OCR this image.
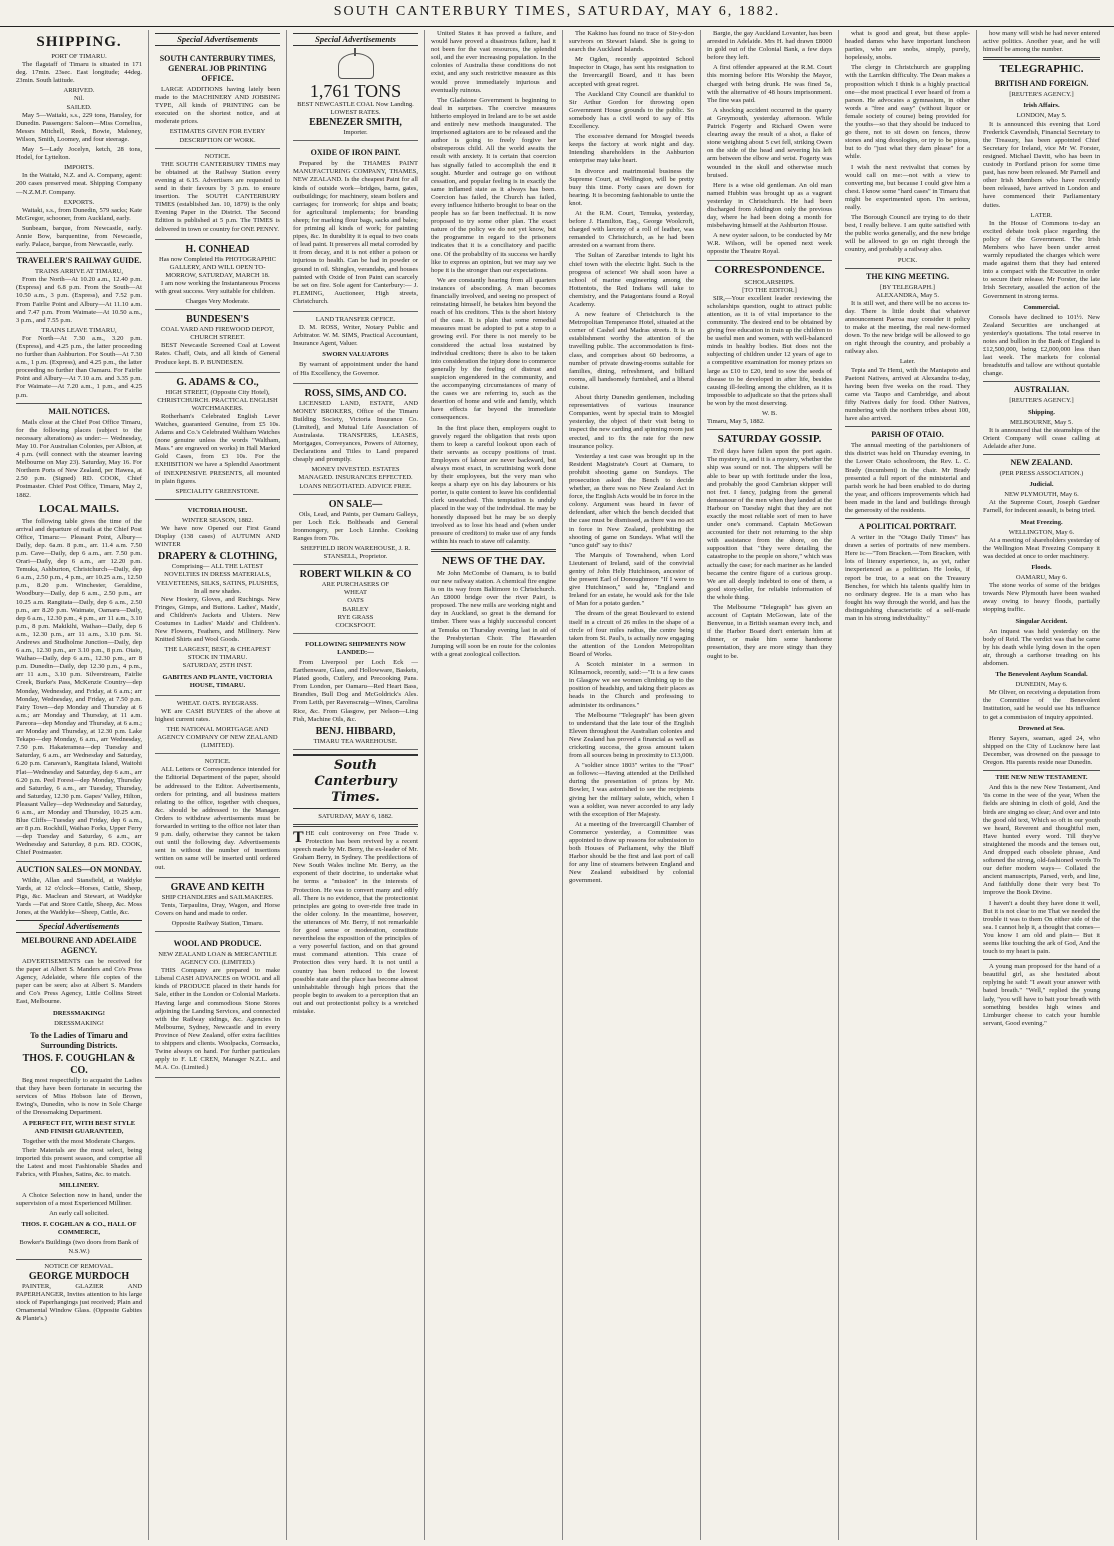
SOUTH CANTERBURY TIMES, SATURDAY, MAY 6, 1882.
SHIPPING.
PORT OF TIMARU.

The flagstaff of Timaru is situated in 171 deg. 17min. 23sec. East longitude; 44deg. 23min. South latitude.

ARRIVED.
Nil.
SAILED.

May 5—Waitaki, s.s., 229 tons, Hansley, for Dunedin. Passengers: Saloon—Miss Cornelius, Messrs Mitchell, Reek, Bowie, Maloney, Wilson, Smith, Loomey, and four steerage.

May 5—Lady Jocelyn, ketch, 28 tons, Hodel, for Lyttelton.

IMPORTS.

In the Waitaki, N.Z. and A. Company, agent: 200 cases preserved meat. Shipping Company—N.Z.M.F. Company.

EXPORTS.

Waitaki, s.s., from Dunedin, 579 sacks; Kate McGregor, schooner, from Auckland, early.

Sunbeam, barque, from Newcastle, early. Annie Bow, barquentine, from Newcastle, early. Palace, barque, from Newcastle, early.

TRAVELLER'S RAILWAY GUIDE.
TRAINS ARRIVE AT TIMARU,

From the North—At 10.20 a.m., 12.40 p.m. (Express) and 6.8 p.m. From the South—At 10.50 a.m., 3 p.m. (Express), and 7.52 p.m. From Fairlie Point and Albury—At 11.10 a.m. and 7.47 p.m. From Waimate—At 10.50 a.m., 3 p.m., and 7.55 p.m.

TRAINS LEAVE TIMARU,

For North—At 7.30 a.m., 3.20 p.m. (Express), and 4.25 p.m., the latter proceeding no further than Ashburton. For South—At 7.30 a.m., 1 p.m. (Express), and 4.25 p.m., the latter proceeding no further than Oamaru. For Fairlie Point and Albury—At 7.10 a.m. and 3.35 p.m. For Waimate—At 7.20 a.m., 1 p.m., and 4.25 p.m.

MAIL NOTICES.

Mails close at the Chief Post Office Timaru, for the following places (subject to the necessary alterations) as under:— Wednesday, May 10. For Australian Colonies, per Albion, at 4 p.m. (will connect with the steamer leaving Melbourne on May 23). Saturday, May 16. For Northern Ports of New Zealand, per Hawea, at 2.50 p.m. (Signed) RD. COOK, Chief Postmaster. Chief Post Office, Timaru, May 2, 1882.

LOCAL MAILS.

The following table gives the time of the arrival and departure of mails at the Chief Post Office, Timaru:— Pleasant Point, Albury—Daily, dep. 6a.m. 8 p.m., arr. 11.4 a.m. 7.50 p.m. Cave—Daily, dep 6 a.m., arr. 7.50 p.m. Orari—Daily, dep 6 a.m., arr 12.20 p.m. Temuka, Ashburton, Christchurch—Daily, dep 6 a.m., 2.50 p.m., 4 p.m., arr 10.25 a.m., 12.50 p.m., 8.20 p.m. Winchester, Geraldine, Woodbury—Daily, dep 6 a.m., 2.50 p.m., arr 10.25 a.m. Rangitata—Daily, dep 6 a.m., 2.50 p.m., arr 8.20 p.m. Waimate, Oamaru—Daily, dep 6 a.m., 12.30 p.m., 4 p.m., arr 11 a.m., 3.10 p.m., 8 p.m. Makikihi, Waihao—Daily, dep 6 a.m., 12.30 p.m., arr 11 a.m., 3.10 p.m. St. Andrews and Studholme Junction—Daily, dep 6 a.m., 12.30 p.m., arr 3.10 p.m., 8 p.m. Otaio, Waihao—Daily, dep 6 a.m., 12.30 p.m., arr 8 p.m. Dunedin—Daily, dep 12.30 p.m., 4 p.m., arr 11 a.m., 3.10 p.m. Silverstream, Fairlie Creek, Burke's Pass, McKenzie Country—dep Monday, Wednesday, and Friday, at 6 a.m.; arr Monday, Wednesday, and Friday, at 7.50 p.m. Fairy Town—dep Monday and Thursday at 6 a.m.; arr Monday and Thursday, at 11 a.m. Pareora—dep Monday and Thursday, at 6 a.m.; arr Monday and Thursday, at 12.30 p.m. Lake Tekapo—dep Monday, 6 a.m., arr Wednesday, 7.50 p.m. Hakateramea—dep Tuesday and Saturday, 6 a.m., arr Wednesday and Saturday, 6.20 p.m. Canavan's, Rangitata Island, Waitohi Flat—Wednesday and Saturday, dep 6 a.m., arr 6.20 p.m. Peel Forest—dep Monday, Thursday and Saturday, 6 a.m., arr Tuesday, Thursday, and Saturday, 12.30 p.m. Gapes' Valley, Hilton, Pleasant Valley—dep Wednesday and Saturday, 6 a.m., arr Monday and Thursday, 10.25 a.m. Blue Cliffs—Tuesday and Friday, dep 6 a.m., arr 8 p.m. Rockhill, Waihao Forks, Upper Ferry—dep Tuesday and Saturday, 6 a.m., arr Wednesday and Saturday, 8 p.m. RD. COOK, Chief Postmaster.

AUCTION SALES—ON MONDAY.

Wildie, Allan and Stansfield, at Waddyke Yards, at 12 o'clock—Horses, Cattle, Sheep, Pigs, &c. Maclean and Stewart, at Waddyke Yards —Fat and Store Cattle, Sheep, &c. Moss Jones, at the Waddyke—Sheep, Cattle, &c.

Special Advertisements
MELBOURNE AND ADELAIDE AGENCY.

ADVERTISEMENTS can be received for the paper at Albert S. Manders and Co's Press Agency, Adelaide, where file copies of the paper can be seen; also at Albert S. Manders and Co's Press Agency, Little Collins Street East, Melbourne.

DRESSMAKING!
DRESSMAKING!
To the Ladies of Timaru and Surrounding Districts.
THOS. F. COUGHLAN & CO.

Beg most respectfully to acquaint the Ladies that they have been fortunate in securing the services of Miss Hobson late of Brown, Ewing's, Dunedin, who is now in Sole Charge of the Dressmaking Department.

A PERFECT FIT, WITH BEST STYLE AND FINISH GUARANTEED,
Together with the most Moderate Charges.

Their Materials are the most select, being imported this present season, and comprise all the Latest and most Fashionable Shades and Fabrics, with Plushes, Satins, &c. to match.

MILLINERY.

A Choice Selection now in hand, under the supervision of a most Experienced Milliner.

An early call solicited.
THOS. F. COGHLAN & CO., HALL OF COMMERCE,
Bowker's Buildings (two doors from Bank of N.S.W.)
NOTICE OF REMOVAL.
GEORGE MURDOCH

PAINTER, GLAZIER AND PAPERHANGER, Invites attention to his large stock of Paperhangings just received; Plain and Ornamental Window Glass. (Opposite Gabites & Plante's.)

Special Advertisements
SOUTH CANTERBURY TIMES, GENERAL JOB PRINTING OFFICE.

LARGE ADDITIONS having lately been made to the MACHINERY AND JOBBING TYPE, All kinds of PRINTING can be executed on the shortest notice, and at moderate prices.

ESTIMATES GIVEN FOR EVERY DESCRIPTION OF WORK.
NOTICE.

THE SOUTH CANTERBURY TIMES may be obtained at the Railway Station every evening at 6.15. Advertisers are requested to send in their favours by 3 p.m. to ensure insertion. The SOUTH CANTERBURY TIMES (established Jan. 10, 1879) is the only Evening Paper in the District. The Second Edition is published at 5 p.m. The TIMES is delivered in town or country for ONE PENNY.

H. CONHEAD
Has now Completed His PHOTOGRAPHIC GALLERY, AND WILL OPEN TO-MORROW, SATURDAY, MARCH 18.

I am now working the Instantaneous Process with great success. Very suitable for children.

Charges Very Moderate.
BUNDESEN'S
COAL YARD AND FIREWOOD DEPOT, CHURCH STREET.

BEST Newcastle Screened Coal at Lowest Rates. Chaff, Oats, and all kinds of General Produce kept. B. P. BUNDESEN.

G. ADAMS & CO.,
HIGH STREET, (Opposite City Hotel), CHRISTCHURCH. PRACTICAL ENGLISH WATCHMAKERS.

Rotherham's Celebrated English Lever Watches, guaranteed Genuine, from £5 10s. Adams and Co.'s Celebrated Waltham Watches (none genuine unless the words "Waltham, Mass." are engraved on works) in Hall Marked Gold Cases, from £3 10s. For the EXHIBITION we have a Splendid Assortment of INEXPENSIVE PRESENTS, all mounted in plain figures.

SPECIALITY GREENSTONE.
VICTORIA HOUSE.
WINTER SEASON, 1882.

We have now Opened our First Grand Display (138 cases) of AUTUMN AND WINTER

DRAPERY & CLOTHING,
Comprising— ALL THE LATEST NOVELTIES IN DRESS MATERIALS, VELVETEENS, SILKS, SATINS, PLUSHES, In all new shades.

New Hosiery, Gloves, and Ruchings. New Fringes, Gimps, and Buttons. Ladies', Maids', and Children's Jackets and Ulsters. New Costumes in Ladies' Maids' and Children's. New Flowers, Feathers, and Millinery. New Knitted Shirts and Wool Goods.

THE LARGEST, BEST, & CHEAPEST STOCK IN TIMARU.
SATURDAY, 25TH INST.
GABITES AND PLANTE, VICTORIA HOUSE, TIMARU.
WHEAT. OATS. RYEGRASS.

WE are CASH BUYERS of the above at highest current rates.

THE NATIONAL MORTGAGE AND AGENCY COMPANY OF NEW ZEALAND (LIMITED).
NOTICE.

ALL Letters or Correspondence intended for the Editorial Department of the paper, should be addressed to the Editor. Advertisements, orders for printing, and all business matters relating to the office, together with cheques, &c. should be addressed to the Manager. Orders to withdraw advertisements must be forwarded in writing to the office not later than 9 p.m. daily, otherwise they cannot be taken out until the following day. Advertisements sent in without the number of insertions written on same will be inserted until ordered out.

GRAVE AND KEITH
SHIP CHANDLERS and SAILMAKERS.

Tents, Tarpaulins, Dray, Wagon, and Horse Covers on hand and made to order.

Opposite Railway Station, Timaru.
WOOL AND PRODUCE.
NEW ZEALAND LOAN & MERCANTILE AGENCY CO. (LIMITED.)

THIS Company are prepared to make Liberal CASH ADVANCES on WOOL and all kinds of PRODUCE placed in their hands for Sale, either in the London or Colonial Markets. Having large and commodious Stone Stores adjoining the Landing Services, and connected with the Railway sidings, &c. Agencies in Melbourne, Sydney, Newcastle and in every Province of New Zealand, offer extra facilities to shippers and clients. Woolpacks, Cornsacks, Twine always on hand. For further particulars apply to F. LE CREN, Manager N.Z.L. and M.A. Co. (Limited.)

Special Advertisements
1,761 TONS
BEST NEWCASTLE COAL Now Landing.
LOWEST RATES.
EBENEZER SMITH,
Importer.
OXIDE OF IRON PAINT.

Prepared by the THAMES PAINT MANUFACTURING COMPANY, THAMES, NEW ZEALAND. Is the cheapest Paint for all kinds of outside work—bridges, barns, gates, outbuildings; for machinery, steam boilers and carriages; for ironwork; for ships and boats; for agricultural implements; for branding sheep; for marking flour bags, sacks and bales; for priming all kinds of work; for painting pipes, &c. In durability it is equal to two coats of lead paint. It preserves all metal corroded by it from decay, and it is not either a poison or injurious to health. Can be had in powder or ground in oil. Shingles, verandahs, and houses painted with Oxide of Iron Paint can scarcely be set on fire. Sole agent for Canterbury:— J. FLEMING, Auctioneer, High streets, Christchurch.

LAND TRANSFER OFFICE.

D. M. ROSS, Writer, Notary Public and Arbitrator. W. M. SIMS, Practical Accountant, Insurance Agent, Valuer.

SWORN VALUATORS

By warrant of appointment under the hand of His Excellency, the Governor.

ROSS, SIMS, AND CO.

LICENSED LAND, ESTATE, AND MONEY BROKERS, Office of the Timaru Building Society, Victoria Insurance Co. (Limited), and Mutual Life Association of Australasia. TRANSFERS, LEASES, Mortgages, Conveyances, Powers of Attorney, Declarations and Titles to Land prepared cheaply and promptly.

MONEY INVESTED. ESTATES MANAGED. INSURANCES EFFECTED. LOANS NEGOTIATED. ADVICE FREE.
ON SALE—

Oils, Lead, and Paints, per Oamaru Galleys, per Loch Eck. Boltheads and General Ironmongery, per Loch Linnhe. Cooking Ranges from 70s.

SHEFFIELD IRON WAREHOUSE, J. R. STANSELL, Proprietor.
ROBERT WILKIN & CO
ARE PURCHASERS OF
WHEAT
OATS
BARLEY
RYE GRASS
COCKSFOOT.
FOLLOWING SHIPMENTS NOW LANDED:—

From Liverpool per Loch Eck — Earthenware, Glass, and Hollowware, Baskets, Plated goods, Cutlery, and Precooking Pans. From London, per Oamaru—Red Heart Bass, Brandies, Bull Dog and McGoldrick's Ales. From Leith, per Ravenscraig—Wines, Carolina Rice, &c. From Glasgow, per Nelson—Ling Fish, Machine Oils, &c.

BENJ. HIBBARD,
TIMARU TEA WAREHOUSE.
South Canterbury Times.
SATURDAY, MAY 6, 1882.
THE cult controversy on Free Trade v. Protection has been revived by a recent speech made by Mr. Berry, the ex-leader of Mr. Graham Berry, in Sydney. The predilections of New South Wales incline Mr. Berry, as the exponent of their doctrine, to undertake what he terms a "mission" in the interests of Protection. He was to convert many and edify all. There is no evidence, that the protectionist principles are going to over-ride free trade in the older colony. In the meantime, however, the utterances of Mr. Berry, if not remarkable for good sense or moderation, constitute nevertheless the exposition of the principles of a very powerful faction, and on that ground must command attention. This craze of Protection dies very hard. It is not until a country has been reduced to the lowest possible state and the place has become almost uninhabitable through high prices that the people begin to awaken to a perception that an out and out protectionist policy is a wretched mistake.

United States it has proved a failure, and would have proved a disastrous failure, had it not been for the vast resources, the splendid soil, and the ever increasing population. In the colonies of Australia these conditions do not exist, and any such restrictive measure as this would prove immediately injurious and eventually ruinous.

The Gladstone Government is beginning to deal in surprises. The coercive measures hitherto employed in Ireland are to be set aside and entirely new methods inaugurated. The imprisoned agitators are to be released and the author is going to freely forgive her obstreperous child. All the world awaits the result with anxiety. It is certain that coercion has signally failed to accomplish the end it sought. Murder and outrage go on without cessation, and popular feeling is in exactly the same inflamed state as it always has been. Coercion has failed, the Church has failed, every influence hitherto brought to bear on the people has so far been ineffectual. It is now proposed to try some other plan. The exact nature of the policy we do not yet know, but the programme in regard to the prisoners indicates that it is a conciliatory and pacific one. Of the probability of its success we hardly like to express an opinion, but we may say we hope it is the stronger than our expectations.

We are constantly hearing from all quarters instances of absconding. A man becomes financially involved, and seeing no prospect of reinstating himself, he betakes him beyond the reach of his creditors. This is the short history of the case. It is plain that some remedial measures must be adopted to put a stop to a growing evil. For there is not merely to be considered the actual loss sustained by individual creditors; there is also to be taken into consideration the injury done to commerce generally by the feeling of distrust and suspicion engendered in the community, and the accompanying circumstances of many of the cases we are referring to, such as the desertion of home and wife and family, which have effects far beyond the immediate consequences.

In the first place then, employers ought to gravely regard the obligation that rests upon them to keep a careful lookout upon each of their servants as occupy positions of trust. Employers of labour are never backward, but always most exact, in scrutinising work done by their employees, but the very man who keeps a sharp eye on his day labourers or his porter, is quite content to leave his confidential clerk unwatched. This temptation is unduly placed in the way of the individual. He may be honestly disposed but he may be so deeply involved as to lose his head and (when under pressure of creditors) to make use of any funds within his reach to stave off calamity.

NEWS OF THE DAY.

Mr John McCombe of Oamaru, is to build our new railway station. A chemical fire engine is on its way from Baltimore to Christchurch. An £8000 bridge over the river Pairi, is proposed. The new mills are working night and day in Auckland, so great is the demand for timber. There was a highly successful concert at Temuka on Thursday evening last in aid of the Presbyterian Choir. The Hawarden Jumping will soon be en route for the colonies with a great zoological collection.

The Kakino has found no trace of Sir-y-don survivors on Stewart Island. She is going to search the Auckland Islands.

Mr Ogden, recently appointed School Inspector in Otago, has sent his resignation to the Invercargill Board, and it has been accepted with great regret.

The Auckland City Council are thankful to Sir Arthur Gordon for throwing open Government House grounds to the public. So somebody has a civil word to say of His Excellency.

The excessive demand for Mosgiel tweeds keeps the factory at work night and day. Intending shareholders in the Ashburton enterprise may take heart.

In divorce and matrimonial business the Supreme Court, at Wellington, will be pretty busy this time. Forty cases are down for hearing. It is becoming fashionable to untie the knot.

At the R.M. Court, Temuka, yesterday, before J. Hamilton, Esq., George Woolcroft, charged with larceny of a roll of leather, was remanded to Christchurch, as he had been arrested on a warrant from there.

The Sultan of Zanzibar intends to light his chief town with the electric light. Such is the progress of science! We shall soon have a school of marine engineering among the Hottentots, the Red Indians will take to chemistry, and the Patagonians found a Royal Academy.

A new feature of Christchurch is the Metropolitan Temperance Hotel, situated at the corner of Cashel and Madras streets. It is an establishment worthy the attention of the travelling public. The accommodation is first-class, and comprises about 60 bedrooms, a number of private drawing-rooms suitable for families, dining, refreshment, and billiard rooms, all handsomely furnished, and a liberal cuisine.

About thirty Dunedin gentlemen, including representatives of various insurance Companies, went by special train to Mosgiel yesterday, the object of their visit being to inspect the new carding and spinning room just erected, and to fix the rate for the new insurance policy.

Yesterday a test case was brought up in the Resident Magistrate's Court at Oamaru, to prohibit shooting game on Sundays. The prosecution asked the Bench to decide whether, as there was no New Zealand Act in force, the English Acts would be in force in the colony. Argument was heard in favor of defendant, after which the bench decided that the case must be dismissed, as there was no act in force in New Zealand, prohibiting the shooting of game on Sundays. What will the "unco guid" say to this?

The Marquis of Townshend, when Lord Lieutenant of Ireland, said of the convivial gentry of John Hely Hutchinson, ancestor of the present Earl of Donoughmore "If I were to give Hutchinson," said he, "England and Ireland for an estate, he would ask for the Isle of Man for a potato garden."

The dream of the great Boulevard to extend itself in a circuit of 26 miles in the shape of a circle of four miles radius, the centre being taken from St. Paul's, is actually now engaging the attention of the London Metropolitan Board of Works.

A Scotch minister in a sermon in Kilmarnock, recently, said:—"It is a few cases in Glasgow we see women climbing up to the position of headship, and taking their places as heads in the Church and professing to administer its ordinances."

The Melbourne "Telegraph" has been given to understand that the late tour of the English Eleven throughout the Australian colonies and New Zealand has proved a financial as well as cricketing success, the gross amount taken from all sources being in proximity to £13,000.

A "soldier since 1803" writes to the "Post" as follows:—Having attended at the Drillshed during the presentation of prizes by Mr. Bowler, I was astonished to see the recipients giving her the military salute, which, when I was a soldier, was never accorded to any lady with the exception of Her Majesty.

At a meeting of the Invercargill Chamber of Commerce yesterday, a Committee was appointed to draw up reasons for submission to both Houses of Parliament, why the Bluff Harbor should be the first and last port of call for any line of steamers between England and New Zealand subsidised by colonial government.

Bargie, the gay Auckland Lovanter, has been arrested in Adelaide. Mrs H. had drawn £8000 in gold out of the Colonial Bank, a few days before they left.

A first offender appeared at the R.M. Court this morning before His Worship the Mayor, charged with being drunk. He was fined 5s, with the alternative of 48 hours imprisonment. The fine was paid.

A shocking accident occurred in the quarry at Greymouth, yesterday afternoon. While Patrick Fogerty and Richard Owen were clearing away the result of a shot, a flake of stone weighing about 5 cwt fell, striking Owen on the side of the head and severing his left arm between the elbow and wrist. Fogerty was wounded in the skull and otherwise much bruised.

Here is a wise old gentleman. An old man named Hubbin was brought up as a vagrant yesterday in Christchurch. He had been discharged from Addington only the previous day, where he had been doing a month for misbehaving himself at the Ashburton House.

A new oyster saloon, to be conducted by Mr W.R. Wilson, will be opened next week opposite the Theatre Royal.

CORRESPONDENCE.
SCHOLARSHIPS.
[TO THE EDITOR.]

SIR,—Your excellent leader reviewing the scholarships question, ought to attract public attention, as it is of vital importance to the community. The desired end to be obtained by giving free education in train up the children to be useful men and women, with well-balanced minds in healthy bodies. But does not the subjecting of children under 12 years of age to a competitive examination for money prizes so large as £10 to £20, tend to sow the seeds of disease to be developed in after life, besides causing ill-feeling among the children, as it is impossible to adjudicate so that the prizes shall be won by the most deserving.

W. B.
Timaru, May 5, 1882.
SATURDAY GOSSIP.

Evil days have fallen upon the port again. The mystery is, and it is a mystery, whether the ship was sound or not. The shippers will be able to bear up with fortitude under the loss, and probably the good Cambrian skipper will not fret. I fancy, judging from the general demeanour of the men when they landed at the Harbour on Tuesday night that they are not exactly the most reliable sort of men to have under one's command. Captain McGowan accounted for their not returning to the ship with assistance from the shore, on the supposition that "they were detailing the catastrophe to the people on shore," which was actually the case; for each mariner as he landed became the centre figure of a curious group. We are all deeply indebted to one of them, a good story-teller, for reliable information of the whole thing.

The Melbourne "Telegraph" has given an account of Captain McGowan, late of the Benvenue, in a British seaman every inch, and if the Harbor Board don't entertain him at dinner, or make him some handsome presentation, they are more stingy than they ought to be.

what is good and great, but these apple-headed dames who have important luncheon parties, who are snobs, simply, purely, hopelessly, snobs.

The clergy in Christchurch are grappling with the Larrikin difficulty. The Dean makes a proposition which I think is a highly practical one—the most practical I ever heard of from a parson. He advocates a gymnasium, in other words a "free and easy" (without liquor or female society of course) being provided for the youths—so that they should be induced to go there, not to sit down on fences, throw stones and sing doxologies, or try to be pious, but to do "just what they darn please" for a while.

I wish the next revivalist that comes by would call on me:—not with a view to converting me, but because I could give him a chest. I know some "hard cases" in Timaru that might be experimented upon. I'm serious, really.

The Borough Council are trying to do their best, I really believe. I am quite satisfied with the public works generally, and the new bridge will be allowed to go on right through the country, and probably a railway also.

PUCK.
THE KING MEETING.
[BY TELEGRAPH.]
ALEXANDRA, May 5.

It is still wet, and there will be no access to-day. There is little doubt that whatever announcement Paeroa may consider it policy to make at the meeting, the real new-formed down. To the new bridge will be allowed to go on right through the country, and probably a railway also.

Later.

Tepia and Te Hemi, with the Maniapoto and Paetoni Natives, arrived at Alexandra to-day, having been five weeks on the road. They came via Taupo and Cambridge, and about fifty Natives daily for food. Other Natives, numbering with the northern tribes about 100, have also arrived.

PARISH OF OTAIO.

The annual meeting of the parishioners of this district was held on Thursday evening, in the Lower Otaio schoolroom, the Rev. L. C. Brady (incumbent) in the chair. Mr Brady presented a full report of the ministerial and parish work he had been enabled to do during the year, and officers improvements which had been made in the land and buildings through the generosity of the residents.

A POLITICAL PORTRAIT.

A writer in the "Otago Daily Times" has drawn a series of portraits of new members. Here is:—"Tom Bracken.—Tom Bracken, with lots of literary experience, is, as yet, rather inexperienced as a politician. He looks, if report be true, to a seat on the Treasury Benches, for which his talents qualify him in no ordinary degree. He is a man who has fought his way through the world, and has the distinguishing characteristic of a self-made man in his strong individuality."

how many will wish he had never entered active politics. Another year, and he will himself be among the number.

TELEGRAPHIC.
BRITISH AND FOREIGN.
[REUTER'S AGENCY.]
Irish Affairs.
LONDON, May 5.

It is announced this evening that Lord Frederick Cavendish, Financial Secretary to the Treasury, has been appointed Chief Secretary for Ireland, vice Mr W. Forster, resigned. Michael Davitt, who has been in custody in Portland prison for some time past, has now been released. Mr Parnell and other Irish Members who have recently been released, have arrived in London and have commenced their Parliamentary duties.

LATER.

In the House of Commons to-day an excited debate took place regarding the policy of the Government. The Irish Members who have been under arrest warmly repudiated the charges which were made against them that they had entered into a compact with the Executive in order to secure their release. Mr Forster, the late Irish Secretary, assailed the action of the Government in strong terms.

Commercial.

Consols have declined to 101½. New Zealand Securities are unchanged at yesterday's quotations. The total reserve in notes and bullion in the Bank of England is £12,500,000, being £2,000,000 less than last week. The markets for colonial breadstuffs and tallow are without quotable change.

AUSTRALIAN.
[REUTER'S AGENCY.]
Shipping.
MELBOURNE, May 5.

It is announced that the steamships of the Orient Company will cease calling at Adelaide after June.

NEW ZEALAND.
(PER PRESS ASSOCIATION.)
Judicial.
NEW PLYMOUTH, May 6.

At the Supreme Court, Joseph Gardner Farnell, for indecent assault, is being tried.

Meat Freezing.
WELLINGTON, May 6.

At a meeting of shareholders yesterday of the Wellington Meat Freezing Company it was decided at once to order machinery.

Floods.
OAMARU, May 6.

The stone works of some of the bridges towards New Plymouth have been washed away owing to heavy floods, partially stopping traffic.

Singular Accident.

An inquest was held yesterday on the body of Reid. The verdict was that he came by his death while lying down in the open air, through a carthorse treading on his abdomen.

The Benevolent Asylum Scandal.
DUNEDIN, May 6.

Mr Oliver, on receiving a deputation from the Committee of the Benevolent Institution, said he would use his influence to get a commission of inquiry appointed.

Drowned at Sea.

Henry Sayers, seaman, aged 24, who shipped on the City of Lucknow here last December, was drowned on the passage to Oregon. His parents reside near Dunedin.

THE NEW NEW TESTAMENT.

And this is the new New Testament, And 'tis come in the wee of the year, When the fields are shining in cloth of gold, And the birds are singing so clear; And over and into the good old text, Which so oft in our youth we heard, Reverent and thoughtful men, Have hunted every word. Till they've straightened the moods and the tenses out, And dropped each obsolete phrase, And softened the strong, old-fashioned words To our defter modern ways— Collated the ancient manuscripts, Parsed, verb, and line, And faithfully done their very best To improve the Book Divine.

I haven't a doubt they have done it well, But it is not clear to me That we needed the trouble it was to them On either side of the sea. I cannot help it, a thought that comes— You know I am old and plain— But it seems like touching the ark of God, And the touch to my heart is pain.

A young man proposed for the hand of a beautiful girl, as she hesitated about replying he said: "I await your answer with bated breath." "Well," replied the young lady, "you will have to bait your breath with something besides high wines and Limburger cheese to catch your humble servant, Good evening."
